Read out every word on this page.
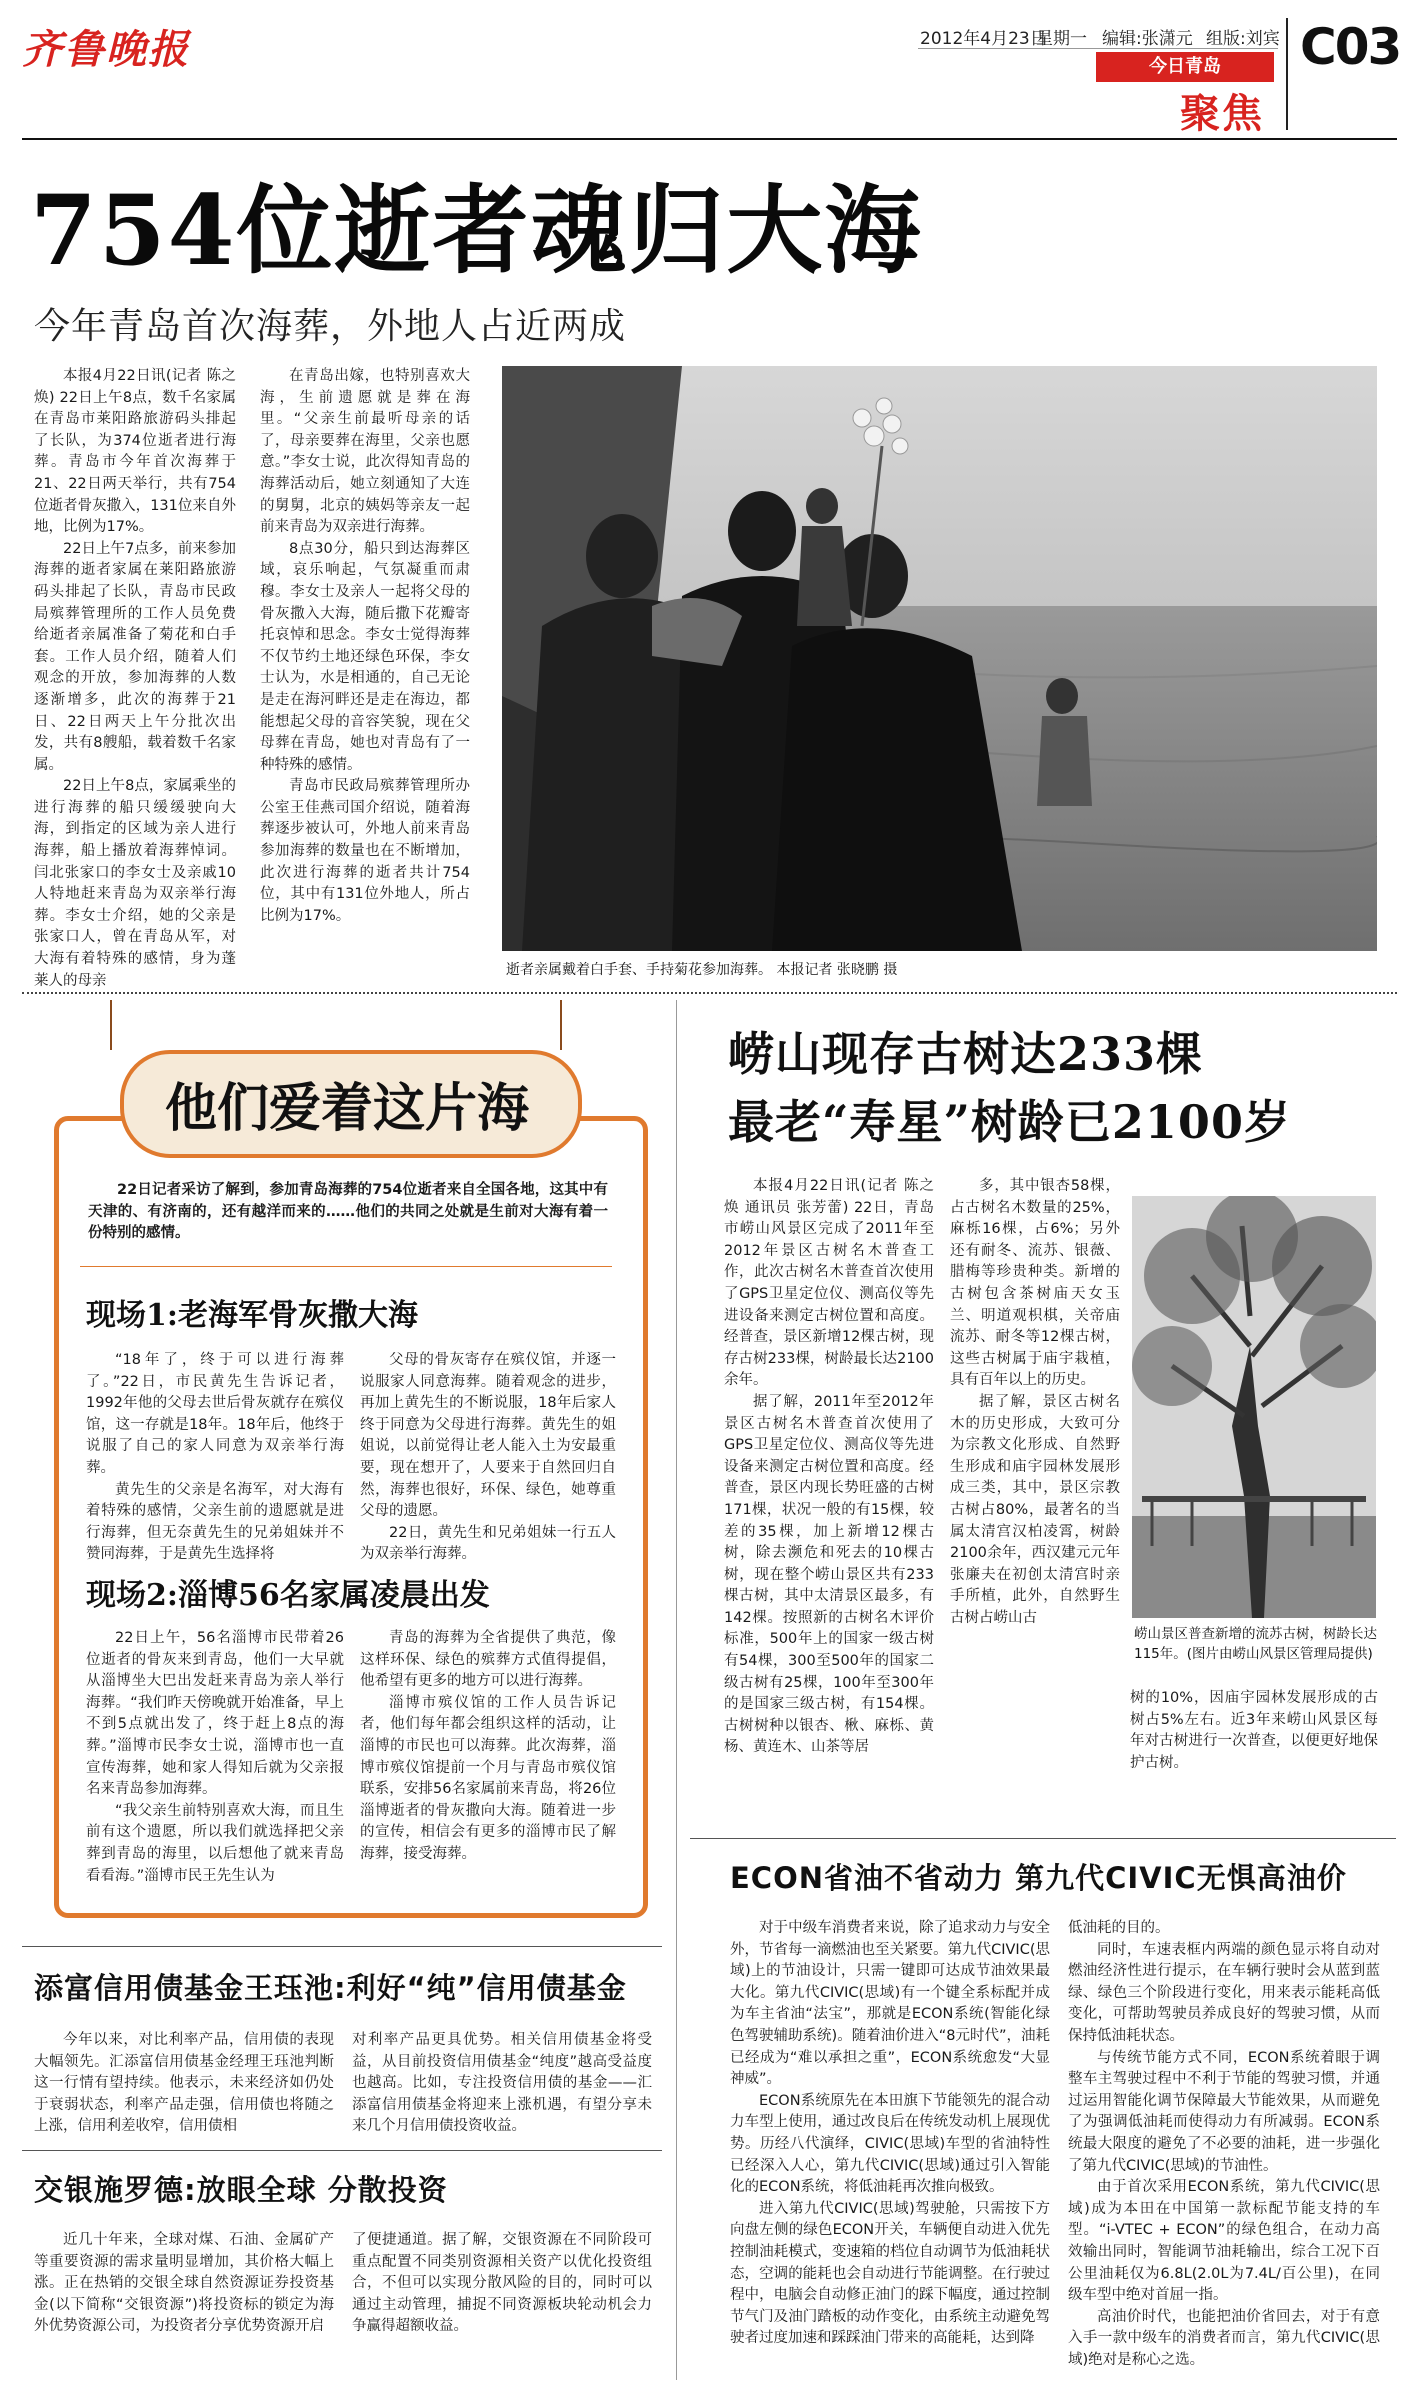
齐鲁晚报	2012年4月23日
星期一 编辑:张潇元 组版:刘宾
今日青岛
聚焦
C03
754位逝者魂归大海
今年青岛首次海葬，外地人占近两成

本报4月22日讯(记者 陈之焕) 22日上午8点，数千名家属在青岛市莱阳路旅游码头排起了长队，为374位逝者进行海葬。青岛市今年首次海葬于21、22日两天举行，共有754位逝者骨灰撒入，131位来自外地，比例为17%。

22日上午7点多，前来参加海葬的逝者家属在莱阳路旅游码头排起了长队，青岛市民政局殡葬管理所的工作人员免费给逝者亲属准备了菊花和白手套。工作人员介绍，随着人们观念的开放，参加海葬的人数逐渐增多，此次的海葬于21日、22日两天上午分批次出发，共有8艘船，载着数千名家属。

22日上午8点，家属乘坐的进行海葬的船只缓缓驶向大海，到指定的区域为亲人进行海葬，船上播放着海葬悼词。闫北张家口的李女士及亲戚10人特地赶来青岛为双亲举行海葬。李女士介绍，她的父亲是张家口人，曾在青岛从军，对大海有着特殊的感情，身为蓬莱人的母亲

在青岛出嫁，也特别喜欢大海，生前遗愿就是葬在海里。“父亲生前最听母亲的话了，母亲要葬在海里，父亲也愿意。”李女士说，此次得知青岛的海葬活动后，她立刻通知了大连的舅舅，北京的姨妈等亲友一起前来青岛为双亲进行海葬。

8点30分，船只到达海葬区域，哀乐响起，气氛凝重而肃穆。李女士及亲人一起将父母的骨灰撒入大海，随后撒下花瓣寄托哀悼和思念。李女士觉得海葬不仅节约土地还绿色环保，李女士认为，水是相通的，自己无论是走在海河畔还是走在海边，都能想起父母的音容笑貌，现在父母葬在青岛，她也对青岛有了一种特殊的感情。

青岛市民政局殡葬管理所办公室王佳燕司国介绍说，随着海葬逐步被认可，外地人前来青岛参加海葬的数量也在不断增加，此次进行海葬的逝者共计754位，其中有131位外地人，所占比例为17%。

逝者亲属戴着白手套、手持菊花参加海葬。 本报记者 张晓鹏 摄
他们爱着这片海

22日记者采访了解到，参加青岛海葬的754位逝者来自全国各地，这其中有天津的、有济南的，还有越洋而来的……他们的共同之处就是生前对大海有着一份特别的感情。

现场1:老海军骨灰撒大海

“18年了，终于可以进行海葬了。”22日，市民黄先生告诉记者，1992年他的父母去世后骨灰就存在殡仪馆，这一存就是18年。18年后，他终于说服了自己的家人同意为双亲举行海葬。

黄先生的父亲是名海军，对大海有着特殊的感情，父亲生前的遗愿就是进行海葬，但无奈黄先生的兄弟姐妹并不赞同海葬，于是黄先生选择将

父母的骨灰寄存在殡仪馆，并逐一说服家人同意海葬。随着观念的进步，再加上黄先生的不断说服，18年后家人终于同意为父母进行海葬。黄先生的姐姐说，以前觉得让老人能入土为安最重要，现在想开了，人要来于自然回归自然，海葬也很好，环保、绿色，她尊重父母的遗愿。

22日，黄先生和兄弟姐妹一行五人为双亲举行海葬。

现场2:淄博56名家属凌晨出发

22日上午，56名淄博市民带着26位逝者的骨灰来到青岛，他们一大早就从淄博坐大巴出发赶来青岛为亲人举行海葬。“我们昨天傍晚就开始准备，早上不到5点就出发了，终于赶上8点的海葬。”淄博市民李女士说，淄博市也一直宣传海葬，她和家人得知后就为父亲报名来青岛参加海葬。

“我父亲生前特别喜欢大海，而且生前有这个遗愿，所以我们就选择把父亲葬到青岛的海里，以后想他了就来青岛看看海。”淄博市民王先生认为

青岛的海葬为全省提供了典范，像这样环保、绿色的殡葬方式值得提倡，他希望有更多的地方可以进行海葬。

淄博市殡仪馆的工作人员告诉记者，他们每年都会组织这样的活动，让淄博的市民也可以海葬。此次海葬，淄博市殡仪馆提前一个月与青岛市殡仪馆联系，安排56名家属前来青岛，将26位淄博逝者的骨灰撒向大海。随着进一步的宣传，相信会有更多的淄博市民了解海葬，接受海葬。

崂山现存古树达233棵
最老“寿星”树龄已2100岁

本报4月22日讯(记者 陈之焕 通讯员 张芳蕾) 22日，青岛市崂山风景区完成了2011年至2012年景区古树名木普查工作，此次古树名木普查首次使用了GPS卫星定位仪、测高仪等先进设备来测定古树位置和高度。经普查，景区新增12棵古树，现存古树233棵，树龄最长达2100余年。

据了解，2011年至2012年景区古树名木普查首次使用了GPS卫星定位仪、测高仪等先进设备来测定古树位置和高度。经普查，景区内现长势旺盛的古树171棵，状况一般的有15棵，较差的35棵，加上新增12棵古树，除去濒危和死去的10棵古树，现在整个崂山景区共有233棵古树，其中太清景区最多，有142棵。按照新的古树名木评价标准，500年上的国家一级古树有54棵，300至500年的国家二级古树有25棵，100年至300年的是国家三级古树，有154棵。古树树种以银杏、楸、麻栎、黄杨、黄连木、山茶等居

多，其中银杏58棵，占古树名木数量的25%，麻栎16棵，占6%；另外还有耐冬、流苏、银薇、腊梅等珍贵种类。新增的古树包含茶树庙天女玉兰、明道观枳棋，关帝庙流苏、耐冬等12棵古树，这些古树属于庙宇栽植，具有百年以上的历史。

据了解，景区古树名木的历史形成，大致可分为宗教文化形成、自然野生形成和庙宇园林发展形成三类，其中，景区宗教古树占80%，最著名的当属太清宫汉柏凌霄，树龄2100余年，西汉建元元年张廉夫在初创太清宫时亲手所植，此外，自然野生古树占崂山古

崂山景区普查新增的流苏古树，树龄长达115年。(图片由崂山风景区管理局提供)

树的10%，因庙宇园林发展形成的古树占5%左右。近3年来崂山风景区每年对古树进行一次普查，以便更好地保护古树。

ECON省油不省动力 第九代CIVIC无惧高油价

对于中级车消费者来说，除了追求动力与安全外，节省每一滴燃油也至关紧要。第九代CIVIC(思域)上的节油设计，只需一键即可达成节油效果最大化。第九代CIVIC(思域)有一个键全系标配并成为车主省油“法宝”，那就是ECON系统(智能化绿色驾驶辅助系统)。随着油价进入“8元时代”，油耗已经成为“难以承担之重”，ECON系统愈发“大显神威”。

ECON系统原先在本田旗下节能领先的混合动力车型上使用，通过改良后在传统发动机上展现优势。历经八代演绎，CIVIC(思域)车型的省油特性已经深入人心，第九代CIVIC(思域)通过引入智能化的ECON系统，将低油耗再次推向极致。

进入第九代CIVIC(思域)驾驶舱，只需按下方向盘左侧的绿色ECON开关，车辆便自动进入优先控制油耗模式，变速箱的档位自动调节为低油耗状态，空调的能耗也会自动进行节能调整。在行驶过程中，电脑会自动修正油门的踩下幅度，通过控制节气门及油门踏板的动作变化，由系统主动避免驾驶者过度加速和踩踩油门带来的高能耗，达到降

低油耗的目的。

同时，车速表框内两端的颜色显示将自动对燃油经济性进行提示，在车辆行驶时会从蓝到蓝绿、绿色三个阶段进行变化，用来表示能耗高低变化，可帮助驾驶员养成良好的驾驶习惯，从而保持低油耗状态。

与传统节能方式不同，ECON系统着眼于调整车主驾驶过程中不利于节能的驾驶习惯，并通过运用智能化调节保障最大节能效果，从而避免了为强调低油耗而使得动力有所减弱。ECON系统最大限度的避免了不必要的油耗，进一步强化了第九代CIVIC(思域)的节油性。

由于首次采用ECON系统，第九代CIVIC(思域)成为本田在中国第一款标配节能支持的车型。“i-VTEC + ECON”的绿色组合，在动力高效输出同时，智能调节油耗输出，综合工况下百公里油耗仅为6.8L(2.0L为7.4L/百公里)，在同级车型中绝对首屈一指。

高油价时代，也能把油价省回去，对于有意入手一款中级车的消费者而言，第九代CIVIC(思域)绝对是称心之选。

添富信用债基金王珏池:利好“纯”信用债基金

今年以来，对比利率产品，信用债的表现大幅领先。汇添富信用债基金经理王珏池判断这一行情有望持续。他表示，未来经济如仍处于衰弱状态，利率产品走强，信用债也将随之上涨，信用利差收窄，信用债相

对利率产品更具优势。相关信用债基金将受益，从目前投资信用债基金“纯度”越高受益度也越高。比如，专注投资信用债的基金——汇添富信用债基金将迎来上涨机遇，有望分享未来几个月信用债投资收益。

交银施罗德:放眼全球 分散投资

近几十年来，全球对煤、石油、金属矿产等重要资源的需求量明显增加，其价格大幅上涨。正在热销的交银全球自然资源证券投资基金(以下简称“交银资源”)将投资标的锁定为海外优势资源公司，为投资者分享优势资源开启

了便捷通道。据了解，交银资源在不同阶段可重点配置不同类别资源相关资产以优化投资组合，不但可以实现分散风险的目的，同时可以通过主动管理，捕捉不同资源板块轮动机会力争赢得超额收益。
